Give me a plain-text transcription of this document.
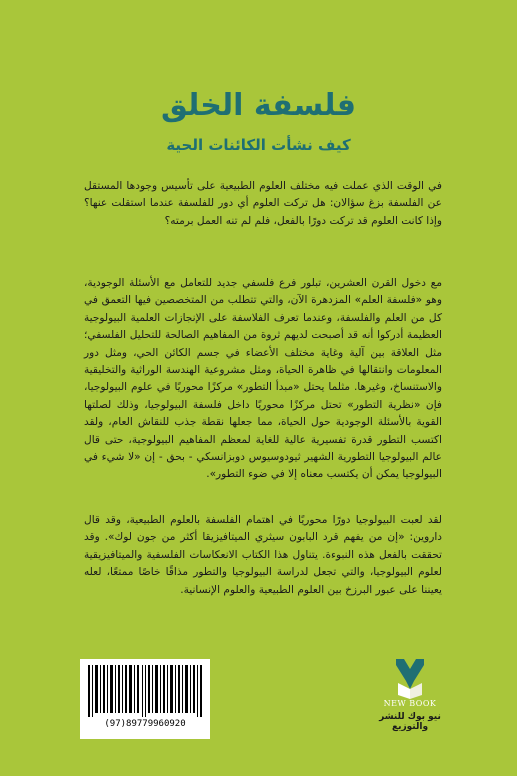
فلسفة الخلق
كيف نشأت الكائنات الحية

في الوقت الذي عملت فيه مختلف العلوم الطبيعية على تأسيس وجودها المستقل عن الفلسفة بزغ سؤالان: هل تركت العلوم أي دور للفلسفة عندما استقلت عنها؟ وإذا كانت العلوم قد تركت دورًا بالفعل، فلم لم تنه العمل برمته؟

مع دخول القرن العشرين، تبلور فرع فلسفي جديد للتعامل مع الأسئلة الوجودية، وهو «فلسفة العلم» المزدهرة الآن، والتي تتطلب من المتخصصين فيها التعمق في كل من العلم والفلسفة، وعندما تعرف الفلاسفة على الإنجازات العلمية البيولوجية العظيمة أدركوا أنه قد أصبحت لديهم ثروة من المفاهيم الصالحة للتحليل الفلسفي؛ مثل العلاقة بين آلية وغاية مختلف الأعضاء في جسم الكائن الحي، ومثل دور المعلومات وانتقالها في ظاهرة الحياة، ومثل مشروعية الهندسة الوراثية والتخليقية والاستنساخ، وغيرها. مثلما يحتل «مبدأ التطور» مركزًا محوريًا في علوم البيولوجيا، فإن «نظرية التطور» تحتل مركزًا محوريًا داخل فلسفة البيولوجيا، وذلك لصلتها القوية بالأسئلة الوجودية حول الحياة، مما جعلها نقطة جذب للنقاش العام، ولقد اكتسب التطور قدرة تفسيرية عالية للغاية لمعظم المفاهيم البيولوجية، حتى قال عالم البيولوجيا التطورية الشهير ثيودوسيوس دوبزانسكي - بحق - إن «لا شيء في البيولوجيا يمكن أن يكتسب معناه إلا في ضوء التطور».

لقد لعبت البيولوجيا دورًا محوريًا في اهتمام الفلسفة بالعلوم الطبيعية، وقد قال داروين: «إن من يفهم قرد البابون سيثري الميتافيزيقا أكثر من جون لوك». وقد تحققت بالفعل هذه النبوءة. يتناول هذا الكتاب الانعكاسات الفلسفية والميتافيزيقية لعلوم البيولوجيا، والتي تجعل لدراسة البيولوجيا والتطور مذاقًا خاصًا ممتعًا، لعله يعيننا على عبور البرزخ بين العلوم الطبيعية والعلوم الإنسانية.

(97)89779960920
NEW BOOK
نيو بوك للنشر والتوزيع
